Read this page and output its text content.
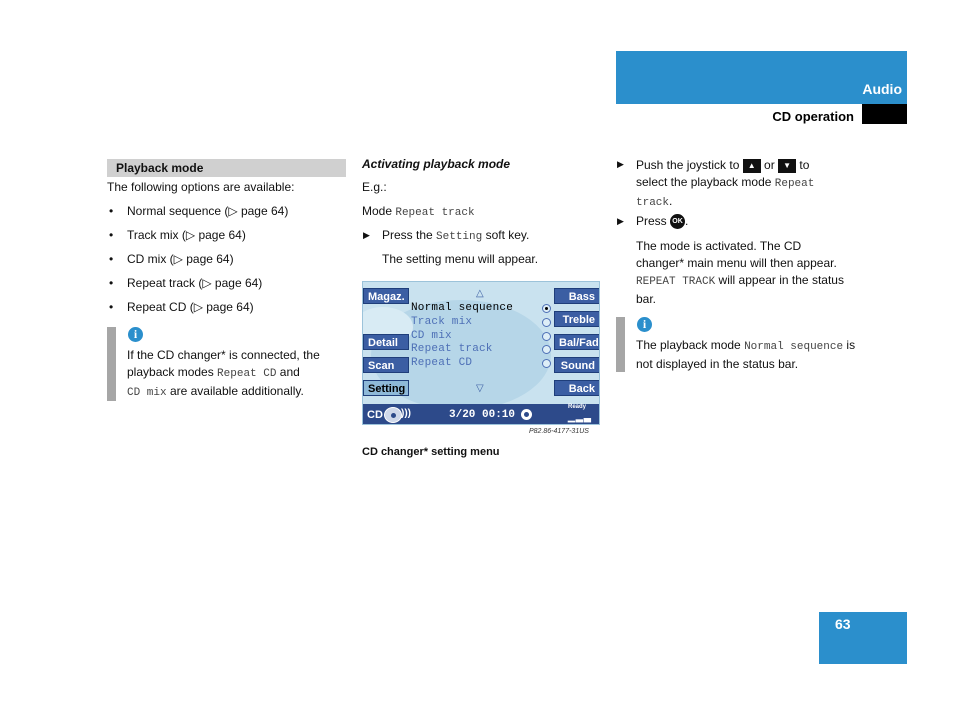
Audio
CD operation
Playback mode
The following options are available:
• Normal sequence (▷ page 64)
• Track mix (▷ page 64)
• CD mix (▷ page 64)
• Repeat track (▷ page 64)
• Repeat CD (▷ page 64)
i
If the CD changer* is connected, the
playback modes Repeat CD and
CD mix are available additionally.
Activating playback mode
E.g.:
Mode Repeat track
▶ Press the Setting soft key.
The setting menu will appear.
Magaz.
Detail
Scan
Setting
Bass
Treble
Bal/Fad
Sound
Back
△
Normal sequence
Track mix
CD mix
Repeat track
Repeat CD
▽
CD )))	3/20 00:10
Ready
▁▂▃
P82.86-4177-31US
CD changer* setting menu
▶ Push the joystick to ▲ or ▼ to
select the playback mode Repeat
track.
▶ Press OK .
The mode is activated. The CD
changer* main menu will then appear.
REPEAT TRACK will appear in the status
bar.
i
The playback mode Normal sequence is
not displayed in the status bar.
63
